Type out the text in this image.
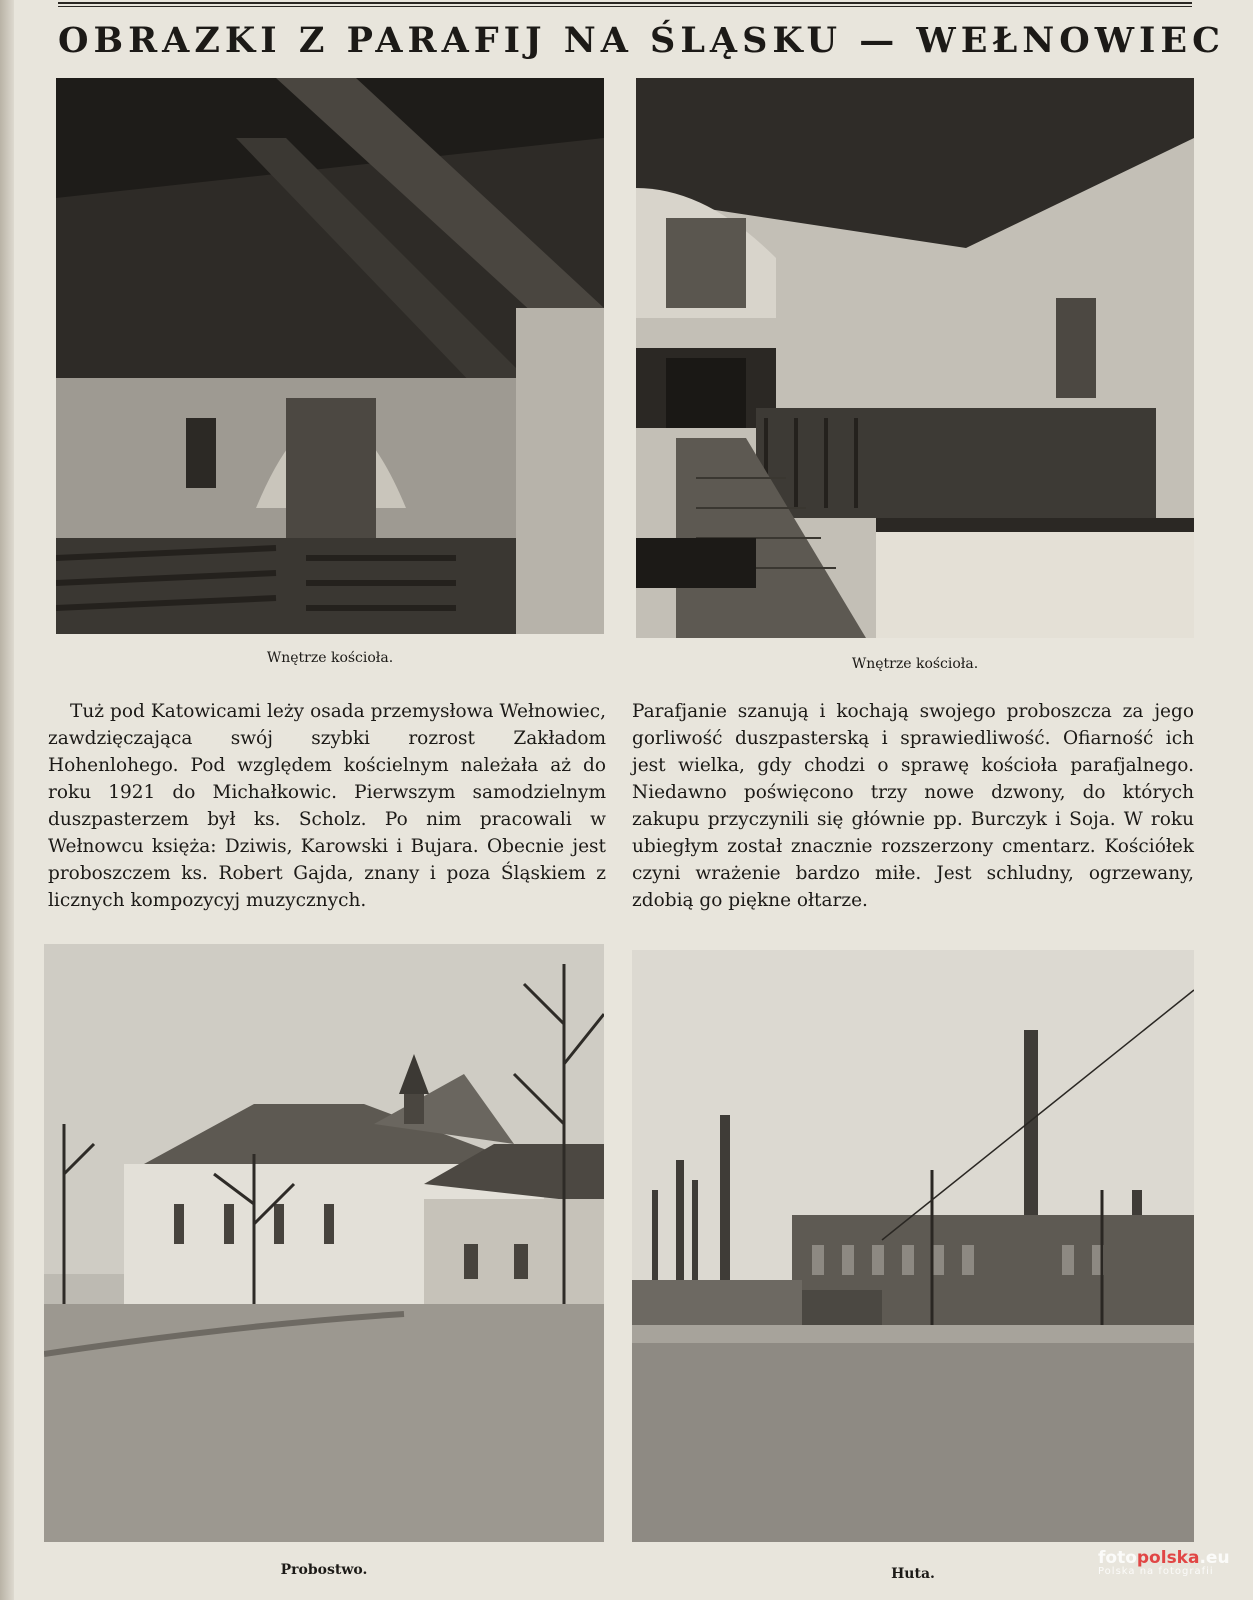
OBRAZKI Z PARAFIJ NA ŚLĄSKU — WEŁNOWIEC
Wnętrze kościoła.	Wnętrze kościoła.

Tuż pod Katowicami leży osada przemysłowa Wełnowiec, zawdzięczająca swój szybki rozrost Zakładom Hohenlohego. Pod względem kościelnym należała aż do roku 1921 do Michałkowic. Pierwszym samodzielnym duszpasterzem był ks. Scholz. Po nim pracowali w Wełnowcu księża: Dziwis, Karowski i Bujara. Obecnie jest proboszczem ks. Robert Gajda, znany i poza Śląskiem z licznych kompozycyj muzycznych.

Parafjanie szanują i kochają swojego proboszcza za jego gorliwość duszpasterską i sprawiedliwość. Ofiarność ich jest wielka, gdy chodzi o sprawę kościoła parafjalnego. Niedawno poświęcono trzy nowe dzwony, do których zakupu przyczynili się głównie pp. Burczyk i Soja. W roku ubiegłym został znacznie rozszerzony cmentarz. Kościółek czyni wrażenie bardzo miłe. Jest schludny, ogrzewany, zdobią go piękne ołtarze.

Probostwo.	Huta.
fotopolska.eu
Polska na fotografii
